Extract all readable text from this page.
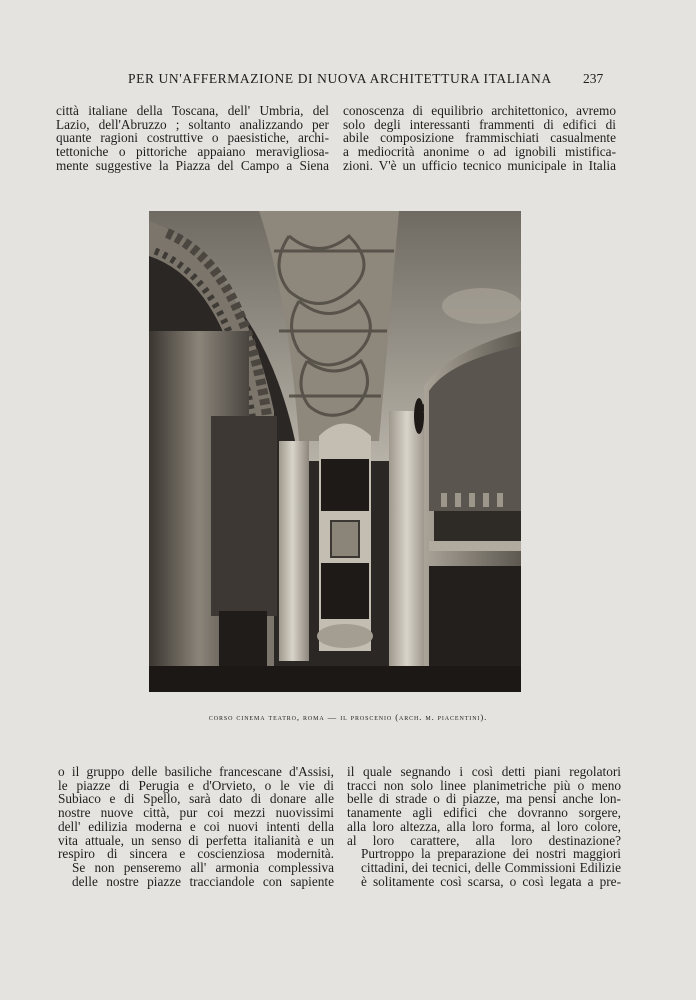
PER UN'AFFERMAZIONE DI NUOVA ARCHITETTURA ITALIANA 237

città italiane della Toscana, dell' Umbria, del

Lazio, dell'Abruzzo ; soltanto analizzando per

quante ragioni costruttive o paesistiche, archi-

tettoniche o pittoriche appaiano meravigliosa-

mente suggestive la Piazza del Campo a Siena

conoscenza di equilibrio architettonico, avremo

solo degli interessanti frammenti di edifici di

abile composizione frammischiati casualmente

a mediocrità anonime o ad ignobili mistifica-

zioni. V'è un ufficio tecnico municipale in Italia

corso cinema teatro, roma — il proscenio (arch. m. piacentini).

o il gruppo delle basiliche francescane d'Assisi,

le piazze di Perugia e d'Orvieto, o le vie di

Subiaco e di Spello, sarà dato di donare alle

nostre nuove città, pur coi mezzi nuovissimi

dell' edilizia moderna e coi nuovi intenti della

vita attuale, un senso di perfetta italianità e un

respiro di sincera e coscienziosa modernità.

Se non penseremo all' armonia complessiva

delle nostre piazze tracciandole con sapiente

il quale segnando i così detti piani regolatori

tracci non solo linee planimetriche più o meno

belle di strade o di piazze, ma pensi anche lon-

tanamente agli edifici che dovranno sorgere,

alla loro altezza, alla loro forma, al loro colore,

al loro carattere, alla loro destinazione?

Purtroppo la preparazione dei nostri maggiori

cittadini, dei tecnici, delle Commissioni Edilizie

è solitamente così scarsa, o così legata a pre-
